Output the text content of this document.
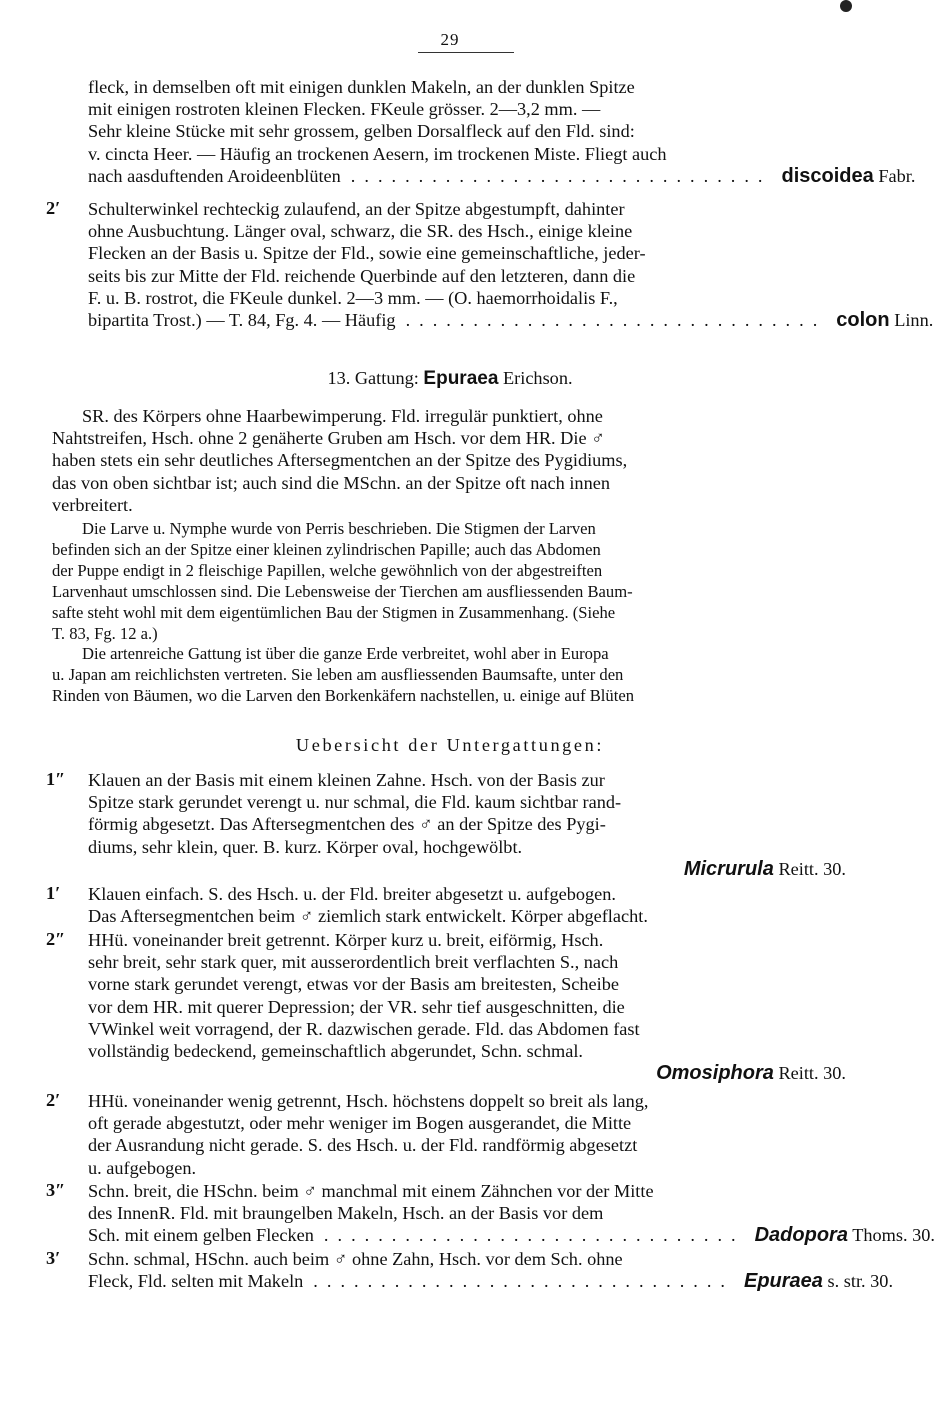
29
fleck, in demselben oft mit einigen dunklen Makeln, an der dunklen Spitze
mit einigen rostroten kleinen Flecken. FKeule grösser. 2—3,2 mm. —
Sehr kleine Stücke mit sehr grossem, gelben Dorsalfleck auf den Fld. sind:
v. cincta Heer. — Häufig an trockenen Aesern, im trockenen Miste. Fliegt auch
nach aasduftenden Aroideenblüten ............................... discoidea Fabr.
2′	Schulterwinkel rechteckig zulaufend, an der Spitze abgestumpft, dahinter
ohne Ausbuchtung. Länger oval, schwarz, die SR. des Hsch., einige kleine
Flecken an der Basis u. Spitze der Fld., sowie eine gemeinschaftliche, jeder-
seits bis zur Mitte der Fld. reichende Querbinde auf den letzteren, dann die
F. u. B. rostrot, die FKeule dunkel. 2—3 mm. — (O. haemorrhoidalis F.,
bipartita Trost.) — T. 84, Fg. 4. — Häufig ............................... colon Linn.
13. Gattung: Epuraea Erichson.
SR. des Körpers ohne Haarbewimperung. Fld. irregulär punktiert, ohne
Nahtstreifen, Hsch. ohne 2 genäherte Gruben am Hsch. vor dem HR. Die ♂
haben stets ein sehr deutliches Aftersegmentchen an der Spitze des Pygidiums,
das von oben sichtbar ist; auch sind die MSchn. an der Spitze oft nach innen
verbreitert.
Die Larve u. Nymphe wurde von Perris beschrieben. Die Stigmen der Larven
befinden sich an der Spitze einer kleinen zylindrischen Papille; auch das Abdomen
der Puppe endigt in 2 fleischige Papillen, welche gewöhnlich von der abgestreiften
Larvenhaut umschlossen sind. Die Lebensweise der Tierchen am ausfliessenden Baum-
safte steht wohl mit dem eigentümlichen Bau der Stigmen in Zusammenhang. (Siehe
T. 83, Fg. 12 a.)
Die artenreiche Gattung ist über die ganze Erde verbreitet, wohl aber in Europa
u. Japan am reichlichsten vertreten. Sie leben am ausfliessenden Baumsafte, unter den
Rinden von Bäumen, wo die Larven den Borkenkäfern nachstellen, u. einige auf Blüten
Uebersicht der Untergattungen:
1″	Klauen an der Basis mit einem kleinen Zahne. Hsch. von der Basis zur
Spitze stark gerundet verengt u. nur schmal, die Fld. kaum sichtbar rand-
förmig abgesetzt. Das Aftersegmentchen des ♂ an der Spitze des Pygi-
diums, sehr klein, quer. B. kurz. Körper oval, hochgewölbt.
Micrurula Reitt. 30.
1′	Klauen einfach. S. des Hsch. u. der Fld. breiter abgesetzt u. aufgebogen.
Das Aftersegmentchen beim ♂ ziemlich stark entwickelt. Körper abgeflacht.
2″	HHü. voneinander breit getrennt. Körper kurz u. breit, eiförmig, Hsch.
sehr breit, sehr stark quer, mit ausserordentlich breit verflachten S., nach
vorne stark gerundet verengt, etwas vor der Basis am breitesten, Scheibe
vor dem HR. mit querer Depression; der VR. sehr tief ausgeschnitten, die
VWinkel weit vorragend, der R. dazwischen gerade. Fld. das Abdomen fast
vollständig bedeckend, gemeinschaftlich abgerundet, Schn. schmal.
Omosiphora Reitt. 30.
2′	HHü. voneinander wenig getrennt, Hsch. höchstens doppelt so breit als lang,
oft gerade abgestutzt, oder mehr weniger im Bogen ausgerandet, die Mitte
der Ausrandung nicht gerade. S. des Hsch. u. der Fld. randförmig abgesetzt
u. aufgebogen.
3″	Schn. breit, die HSchn. beim ♂ manchmal mit einem Zähnchen vor der Mitte
des InnenR. Fld. mit braungelben Makeln, Hsch. an der Basis vor dem
Sch. mit einem gelben Flecken ............................... Dadopora Thoms. 30.
3′	Schn. schmal, HSchn. auch beim ♂ ohne Zahn, Hsch. vor dem Sch. ohne
Fleck, Fld. selten mit Makeln ............................... Epuraea s. str. 30.
